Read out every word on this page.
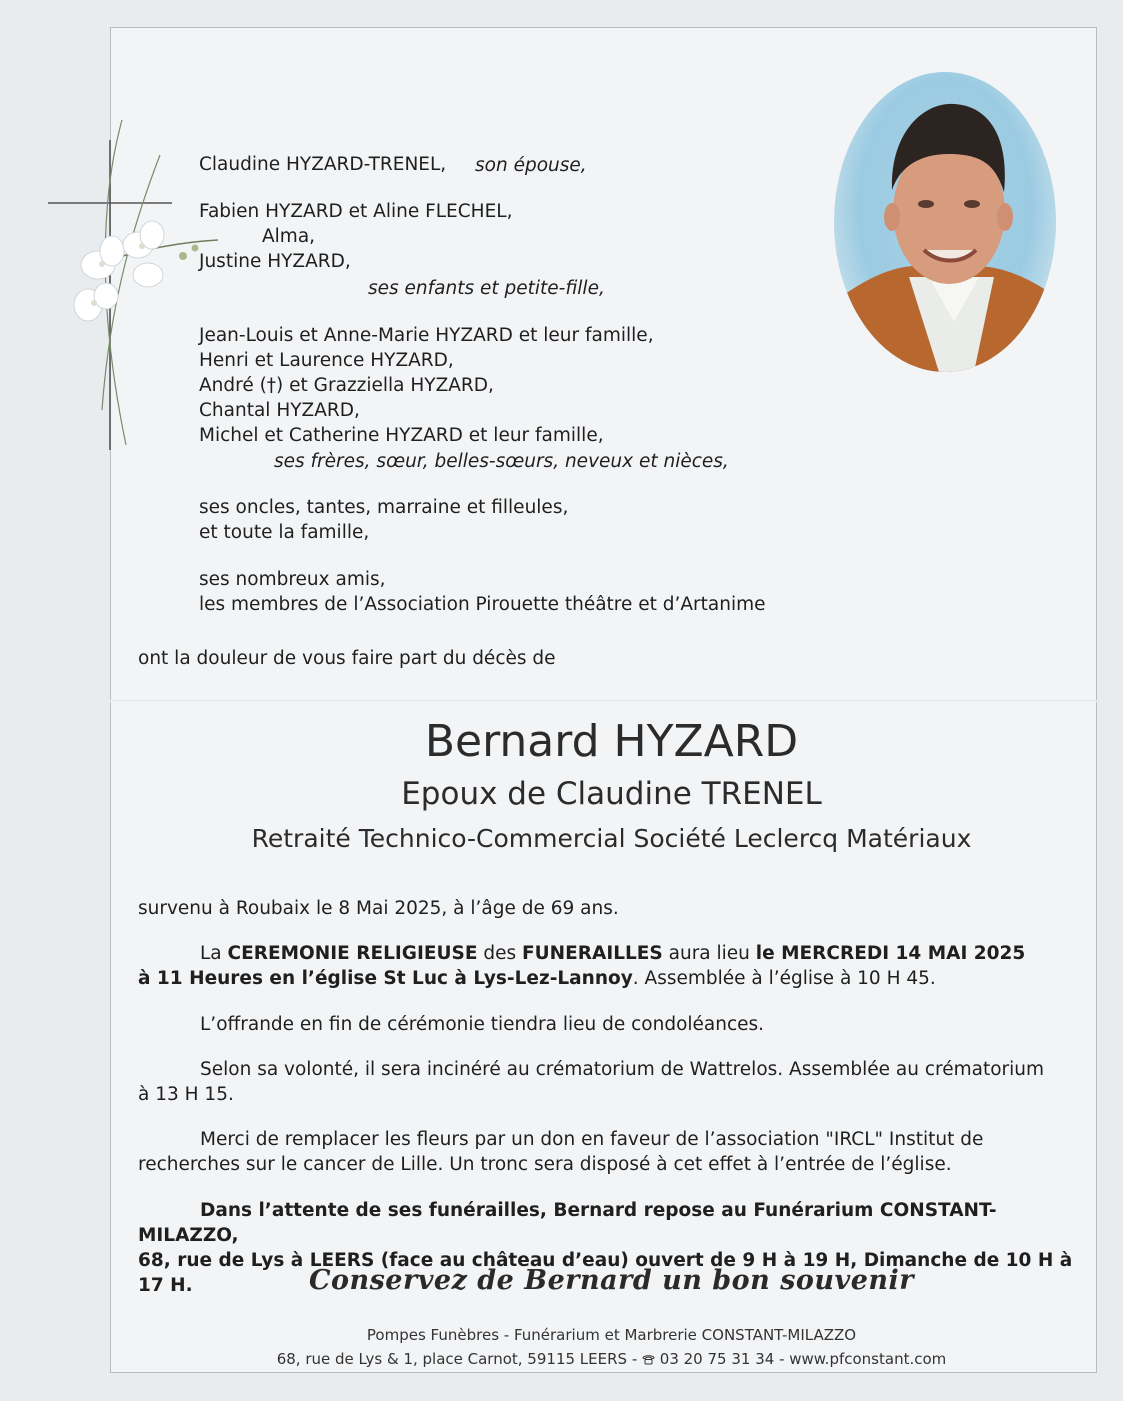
Claudine HYZARD-TRENEL, son épouse,
Fabien HYZARD et Aline FLECHEL,
Alma,
Justine HYZARD,
ses enfants et petite-fille,
Jean-Louis et Anne-Marie HYZARD et leur famille,
Henri et Laurence HYZARD,
André (†) et Grazziella HYZARD,
Chantal HYZARD,
Michel et Catherine HYZARD et leur famille,
ses frères, sœur, belles-sœurs, neveux et nièces,
ses oncles, tantes, marraine et filleules,
et toute la famille,
ses nombreux amis,
les membres de l’Association Pirouette théâtre et d’Artanime
ont la douleur de vous faire part du décès de
Bernard HYZARD
Epoux de Claudine TRENEL
Retraité Technico-Commercial Société Leclercq Matériaux
survenu à Roubaix le 8 Mai 2025, à l’âge de 69 ans.
La CEREMONIE RELIGIEUSE des FUNERAILLES aura lieu le MERCREDI 14 MAI 2025
à 11 Heures en l’église St Luc à Lys-Lez-Lannoy. Assemblée à l’église à 10 H 45.
L’offrande en fin de cérémonie tiendra lieu de condoléances.
Selon sa volonté, il sera incinéré au crématorium de Wattrelos. Assemblée au crématorium
à 13 H 15.
Merci de remplacer les fleurs par un don en faveur de l’association "IRCL" Institut de
recherches sur le cancer de Lille. Un tronc sera disposé à cet effet à l’entrée de l’église.
Dans l’attente de ses funérailles, Bernard repose au Funérarium CONSTANT-MILAZZO,
68, rue de Lys à LEERS (face au château d’eau) ouvert de 9 H à 19 H, Dimanche de 10 H à 17 H.	Conservez de Bernard un bon souvenir
Pompes Funèbres - Funérarium et Marbrerie CONSTANT-MILAZZO
68, rue de Lys & 1, place Carnot, 59115 LEERS -  03 20 75 31 34 - www.pfconstant.com
